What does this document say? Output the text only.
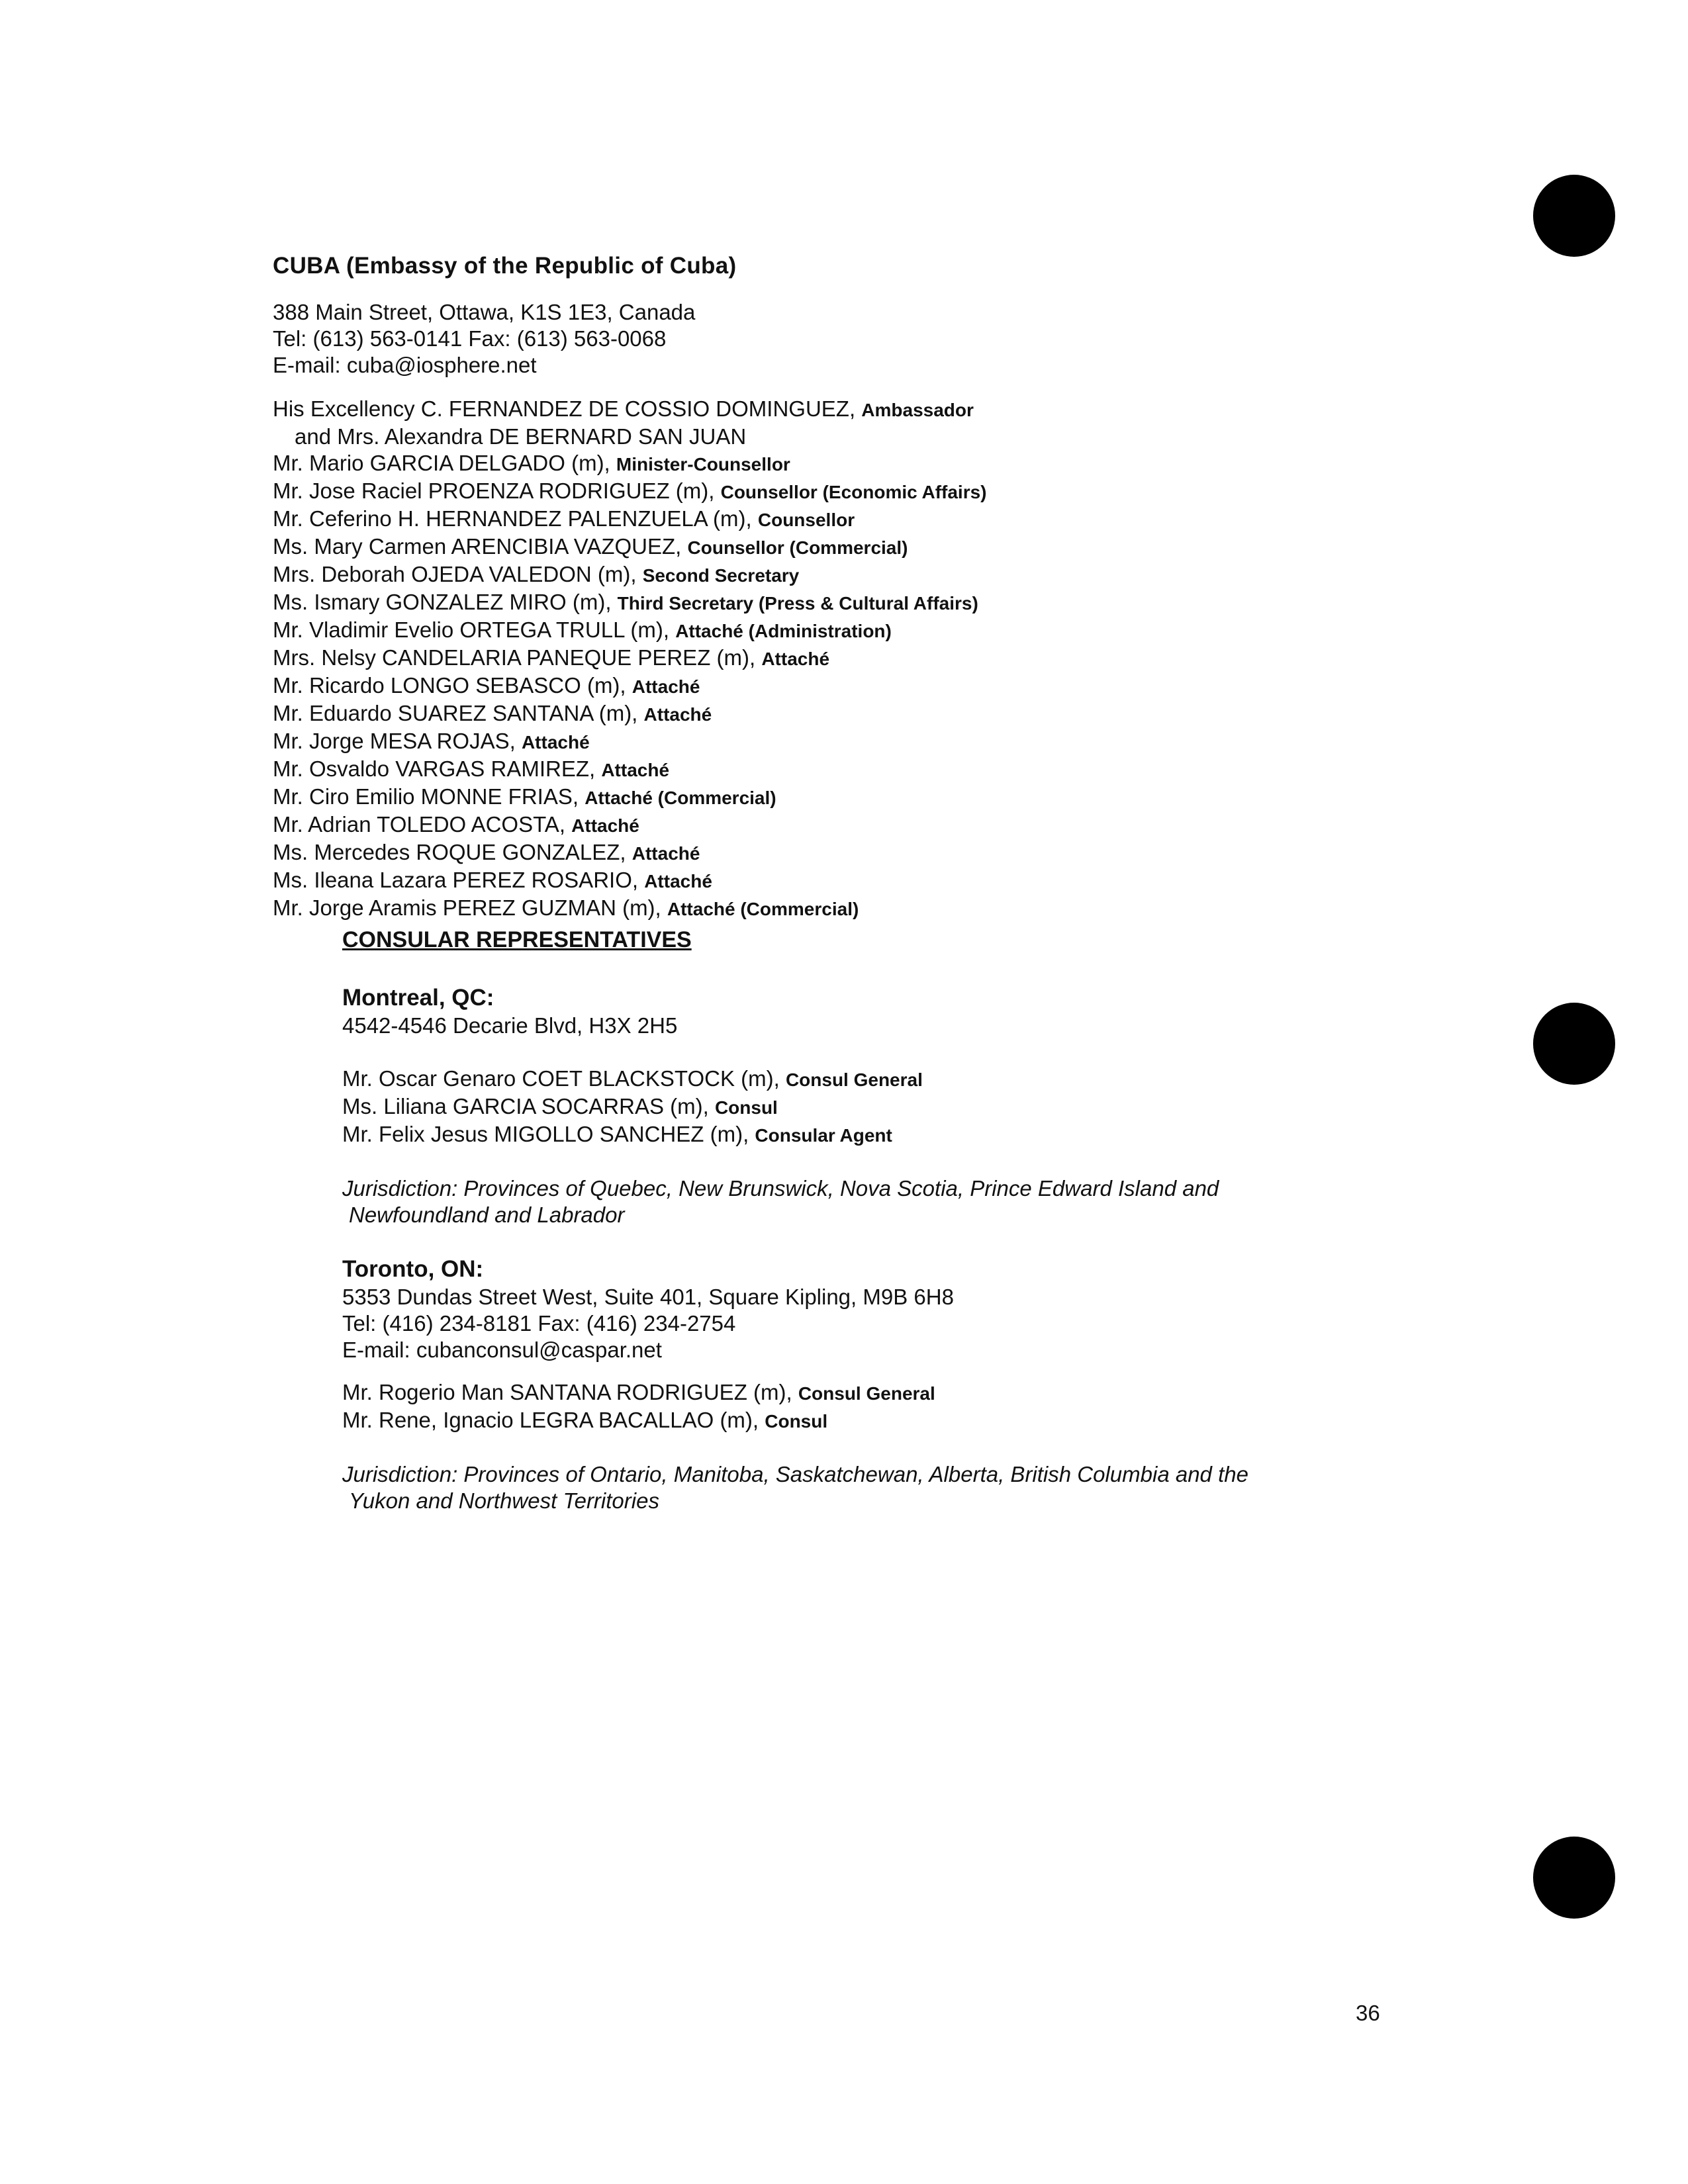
CUBA (Embassy of the Republic of Cuba)
388 Main Street, Ottawa, K1S 1E3, Canada
Tel: (613) 563-0141 Fax: (613) 563-0068
E-mail: cuba@iosphere.net
His Excellency C. FERNANDEZ DE COSSIO DOMINGUEZ, Ambassador
and Mrs. Alexandra DE BERNARD SAN JUAN
Mr. Mario GARCIA DELGADO (m), Minister-Counsellor
Mr. Jose Raciel PROENZA RODRIGUEZ (m), Counsellor (Economic Affairs)
Mr. Ceferino H. HERNANDEZ PALENZUELA (m), Counsellor
Ms. Mary Carmen ARENCIBIA VAZQUEZ, Counsellor (Commercial)
Mrs. Deborah OJEDA VALEDON (m), Second Secretary
Ms. Ismary GONZALEZ MIRO (m), Third Secretary (Press & Cultural Affairs)
Mr. Vladimir Evelio ORTEGA TRULL (m), Attaché (Administration)
Mrs. Nelsy CANDELARIA PANEQUE PEREZ (m), Attaché
Mr. Ricardo LONGO SEBASCO (m), Attaché
Mr. Eduardo SUAREZ SANTANA (m), Attaché
Mr. Jorge MESA ROJAS, Attaché
Mr. Osvaldo VARGAS RAMIREZ, Attaché
Mr. Ciro Emilio MONNE FRIAS, Attaché (Commercial)
Mr. Adrian TOLEDO ACOSTA, Attaché
Ms. Mercedes ROQUE GONZALEZ, Attaché
Ms. Ileana Lazara PEREZ ROSARIO, Attaché
Mr. Jorge Aramis PEREZ GUZMAN (m), Attaché (Commercial)
CONSULAR REPRESENTATIVES
Montreal, QC:
4542-4546 Decarie Blvd, H3X 2H5
Mr. Oscar Genaro COET BLACKSTOCK (m), Consul General
Ms. Liliana GARCIA SOCARRAS (m), Consul
Mr. Felix Jesus MIGOLLO SANCHEZ (m), Consular Agent
Jurisdiction: Provinces of Quebec, New Brunswick, Nova Scotia, Prince Edward Island and
Newfoundland and Labrador
Toronto, ON:
5353 Dundas Street West, Suite 401, Square Kipling, M9B 6H8
Tel: (416) 234-8181 Fax: (416) 234-2754
E-mail: cubanconsul@caspar.net
Mr. Rogerio Man SANTANA RODRIGUEZ (m), Consul General
Mr. Rene, Ignacio LEGRA BACALLAO (m), Consul
Jurisdiction: Provinces of Ontario, Manitoba, Saskatchewan, Alberta, British Columbia and the
Yukon and Northwest Territories
36
